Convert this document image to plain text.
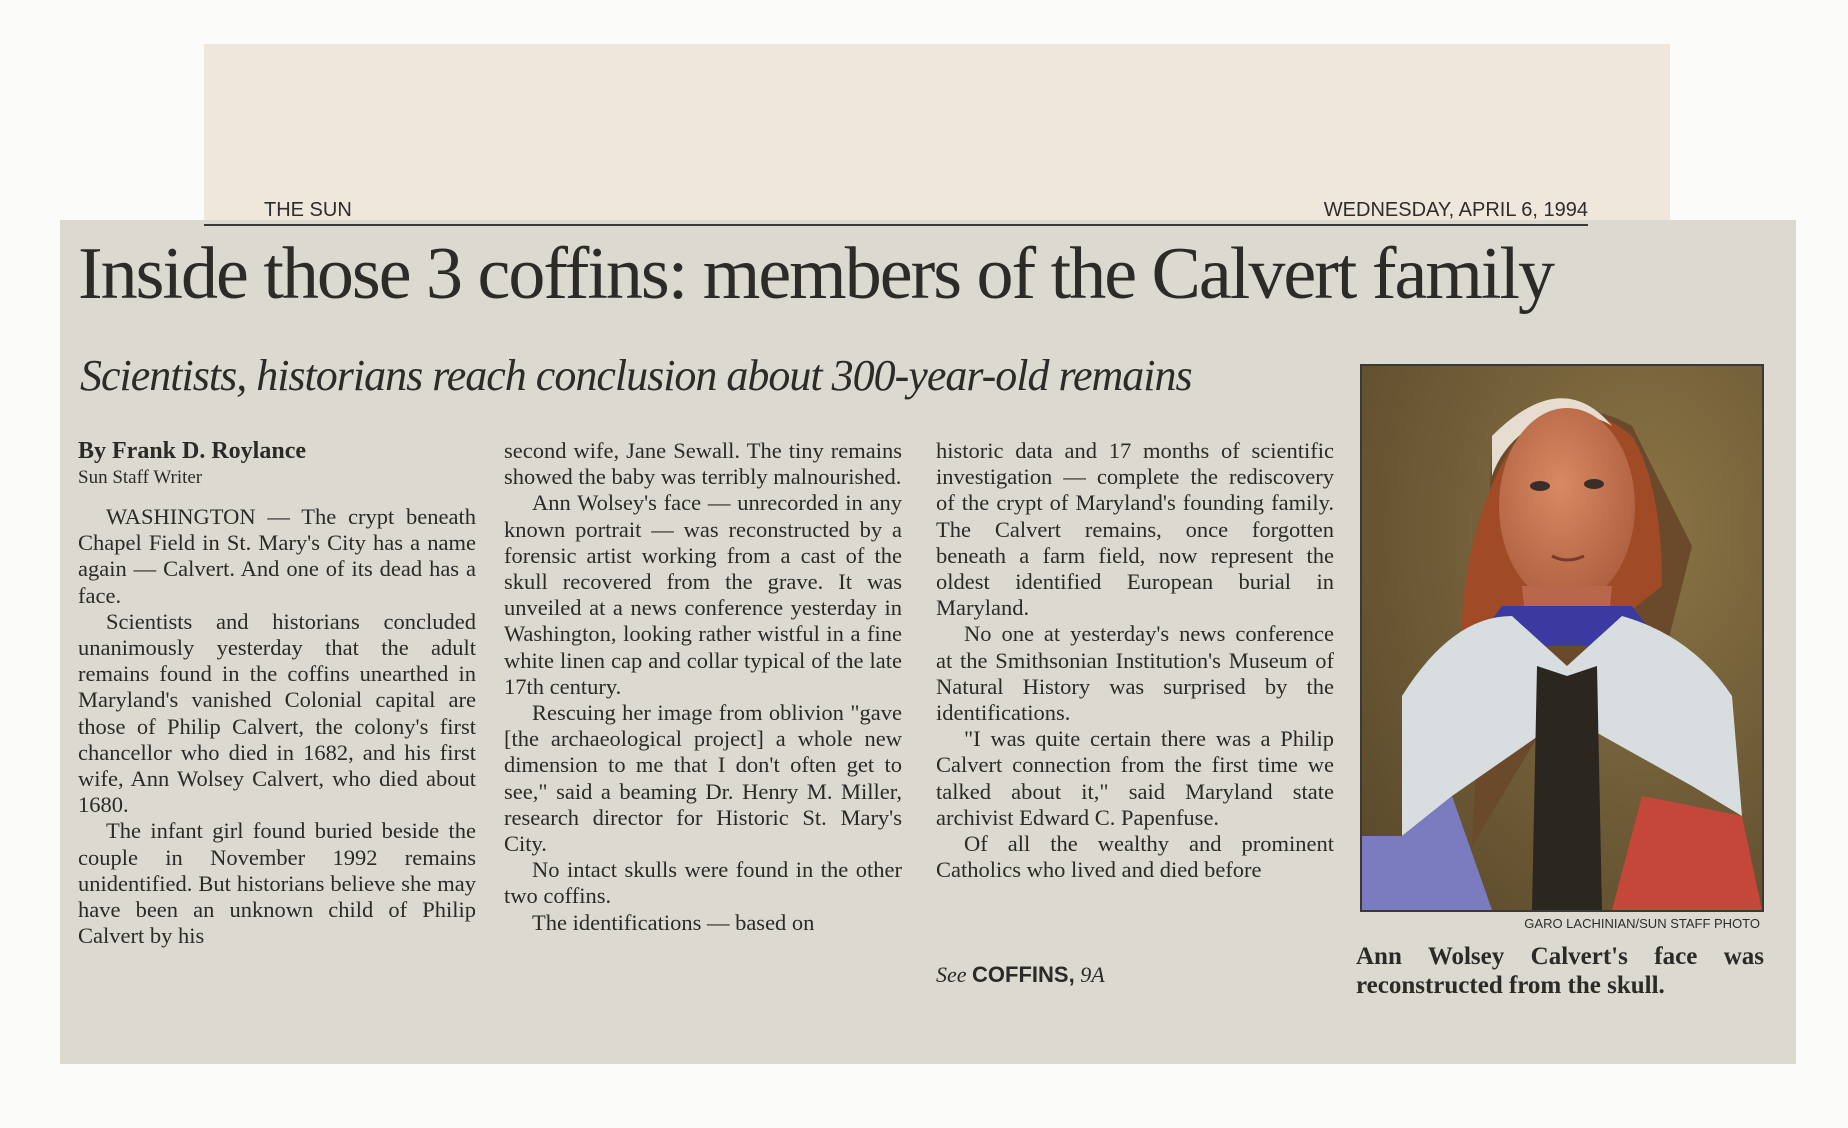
THE SUN	WEDNESDAY, APRIL 6, 1994
Inside those 3 coffins: members of the Calvert family
Scientists, historians reach conclusion about 300-year-old remains
By Frank D. Roylance
Sun Staff Writer

WASHINGTON — The crypt beneath Chapel Field in St. Mary's City has a name again — Calvert. And one of its dead has a face.

Scientists and historians concluded unanimously yesterday that the adult remains found in the coffins unearthed in Maryland's vanished Colonial capital are those of Philip Calvert, the colony's first chancellor who died in 1682, and his first wife, Ann Wolsey Calvert, who died about 1680.

The infant girl found buried beside the couple in November 1992 remains unidentified. But historians believe she may have been an unknown child of Philip Calvert by his

second wife, Jane Sewall. The tiny remains showed the baby was terribly malnourished.

Ann Wolsey's face — unrecorded in any known portrait — was reconstructed by a forensic artist working from a cast of the skull recovered from the grave. It was unveiled at a news conference yesterday in Washington, looking rather wistful in a fine white linen cap and collar typical of the late 17th century.

Rescuing her image from oblivion "gave [the archaeological project] a whole new dimension to me that I don't often get to see," said a beaming Dr. Henry M. Miller, research director for Historic St. Mary's City.

No intact skulls were found in the other two coffins.

The identifications — based on

historic data and 17 months of scientific investigation — complete the rediscovery of the crypt of Maryland's founding family. The Calvert remains, once forgotten beneath a farm field, now represent the oldest identified European burial in Maryland.

No one at yesterday's news conference at the Smithsonian Institution's Museum of Natural History was surprised by the identifications.

"I was quite certain there was a Philip Calvert connection from the first time we talked about it," said Maryland state archivist Edward C. Papenfuse.

Of all the wealthy and prominent Catholics who lived and died before

See COFFINS, 9A
GARO LACHINIAN/SUN STAFF PHOTO
Ann Wolsey Calvert's face was reconstructed from the skull.
